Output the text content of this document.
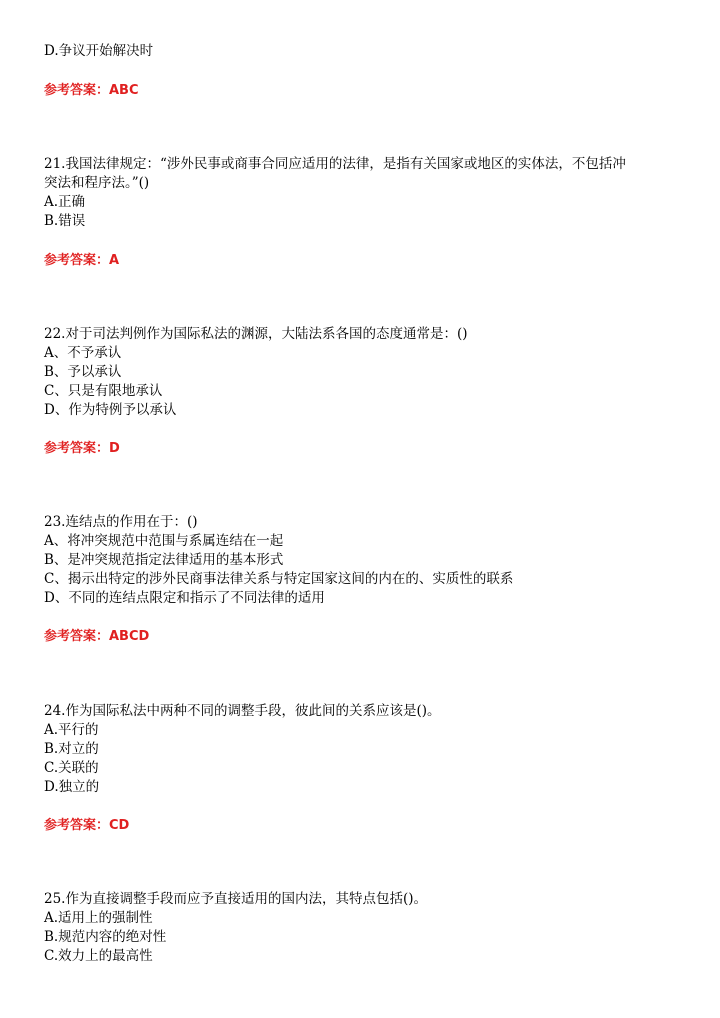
D.争议开始解决时
参考答案：ABC
21.我国法律规定：“涉外民事或商事合同应适用的法律，是指有关国家或地区的实体法，不包括冲
突法和程序法。”()
A.正确
B.错误
参考答案：A
22.对于司法判例作为国际私法的渊源，大陆法系各国的态度通常是：()
A、不予承认
B、予以承认
C、只是有限地承认
D、作为特例予以承认
参考答案：D
23.连结点的作用在于：()
A、将冲突规范中范围与系属连结在一起
B、是冲突规范指定法律适用的基本形式
C、揭示出特定的涉外民商事法律关系与特定国家这间的内在的、实质性的联系
D、不同的连结点限定和指示了不同法律的适用
参考答案：ABCD
24.作为国际私法中两种不同的调整手段，彼此间的关系应该是()。
A.平行的
B.对立的
C.关联的
D.独立的
参考答案：CD
25.作为直接调整手段而应予直接适用的国内法，其特点包括()。
A.适用上的强制性
B.规范内容的绝对性
C.效力上的最高性
